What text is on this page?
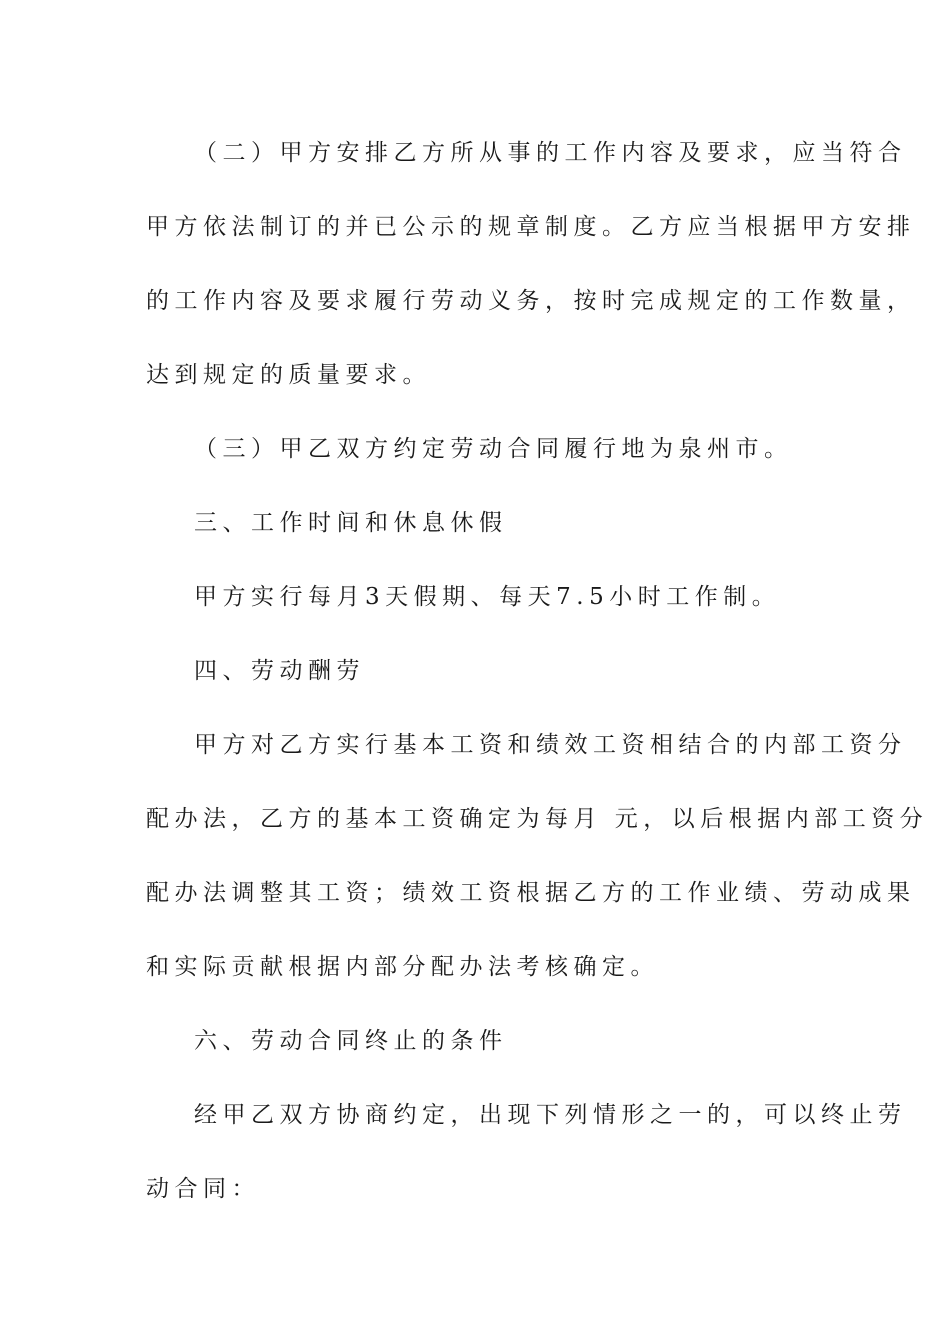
（二）甲方安排乙方所从事的工作内容及要求，应当符合

甲方依法制订的并已公示的规章制度。乙方应当根据甲方安排

的工作内容及要求履行劳动义务，按时完成规定的工作数量，

达到规定的质量要求。

（三）甲乙双方约定劳动合同履行地为泉州市。

三、工作时间和休息休假

甲方实行每月3天假期、每天7.5小时工作制。

四、劳动酬劳

甲方对乙方实行基本工资和绩效工资相结合的内部工资分

配办法，乙方的基本工资确定为每月 元，以后根据内部工资分

配办法调整其工资；绩效工资根据乙方的工作业绩、劳动成果

和实际贡献根据内部分配办法考核确定。

六、劳动合同终止的条件

经甲乙双方协商约定，出现下列情形之一的，可以终止劳

动合同：
